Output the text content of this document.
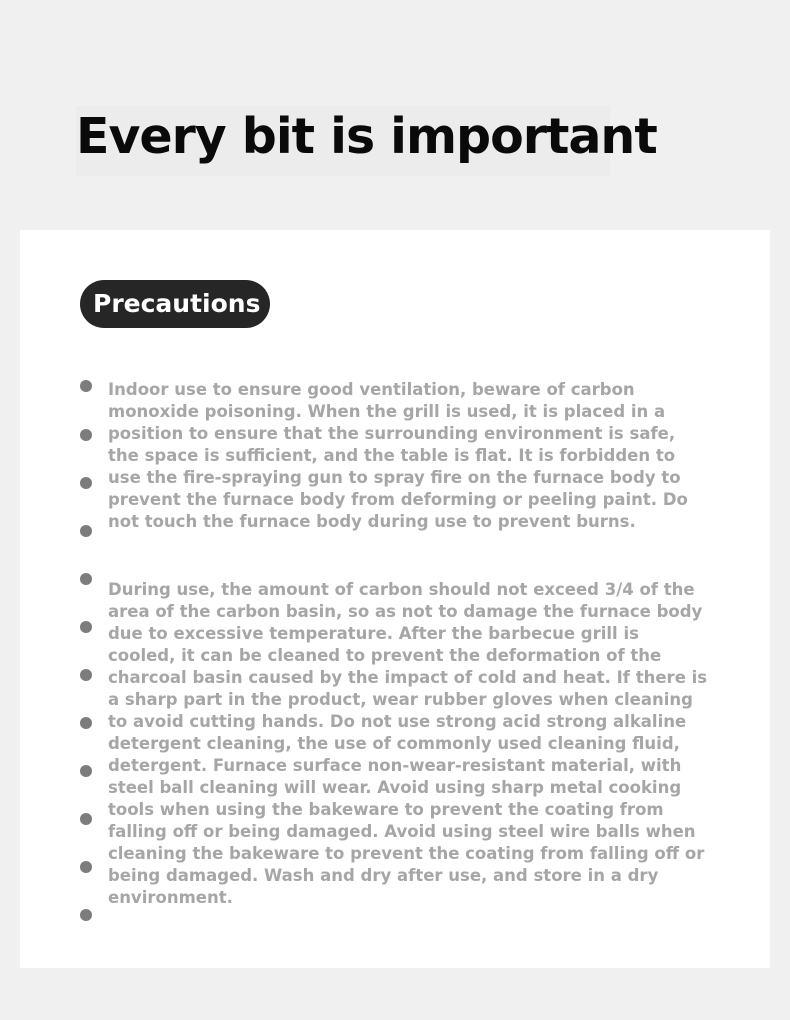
Every bit is important
Precautions

Indoor use to ensure good ventilation, beware of carbon monoxide poisoning. When the grill is used, it is placed in a position to ensure that the surrounding environment is safe, the space is sufficient, and the table is flat. It is forbidden to use the fire-spraying gun to spray fire on the furnace body to prevent the furnace body from deforming or peeling paint. Do not touch the furnace body during use to prevent burns.

During use, the amount of carbon should not exceed 3/4 of the area of the carbon basin, so as not to damage the furnace body due to excessive temperature. After the barbecue grill is cooled, it can be cleaned to prevent the deformation of the charcoal basin caused by the impact of cold and heat. If there is a sharp part in the product, wear rubber gloves when cleaning to avoid cutting hands. Do not use strong acid strong alkaline detergent cleaning, the use of commonly used cleaning fluid, detergent. Furnace surface non-wear-resistant material, with steel ball cleaning will wear. Avoid using sharp metal cooking tools when using the bakeware to prevent the coating from falling off or being damaged. Avoid using steel wire balls when cleaning the bakeware to prevent the coating from falling off or being damaged. Wash and dry after use, and store in a dry environment.
